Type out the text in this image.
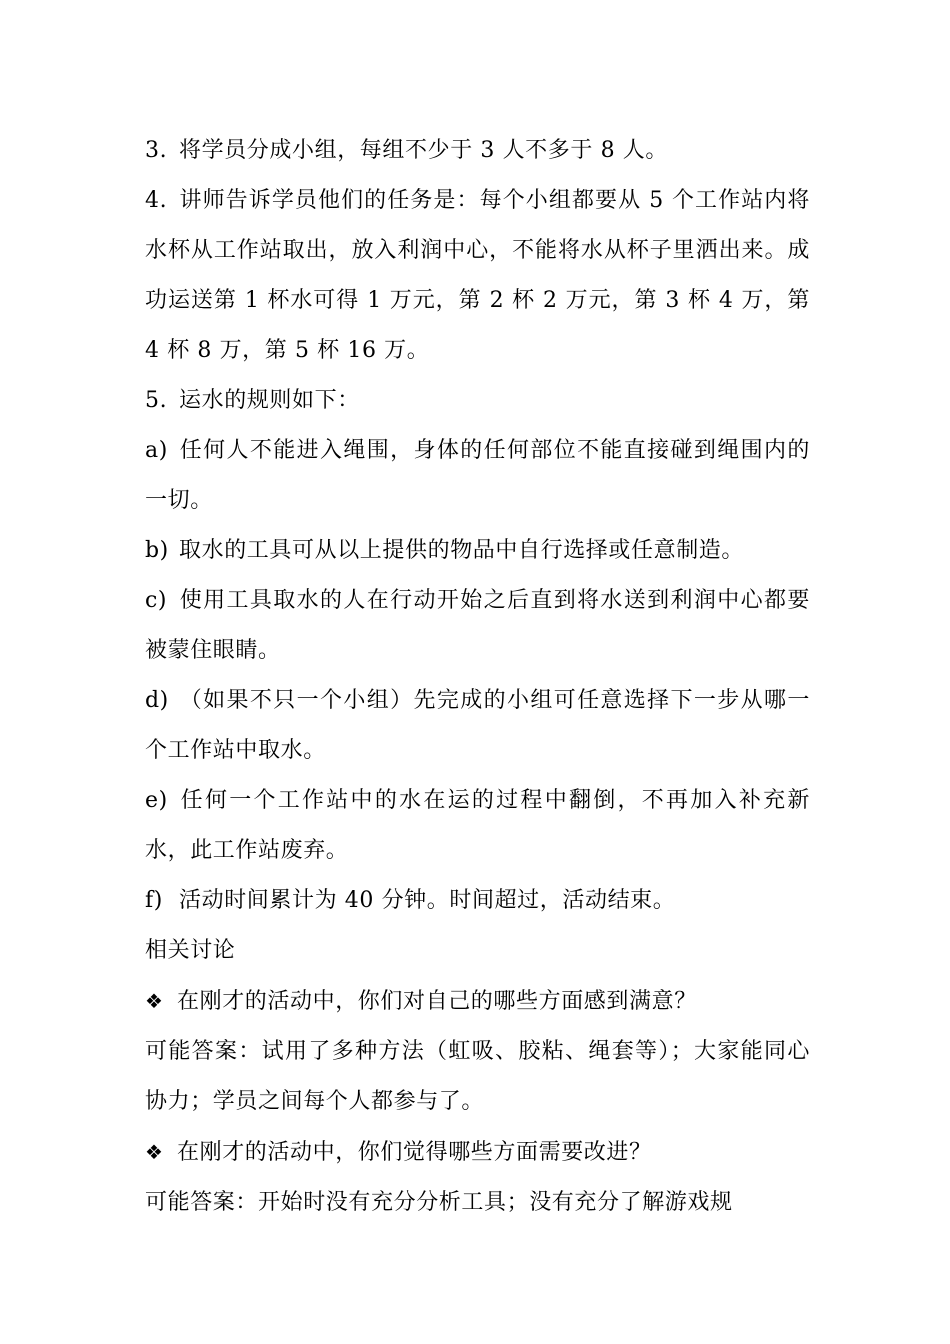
3. 将学员分成小组，每组不少于 3 人不多于 8 人。

4. 讲师告诉学员他们的任务是：每个小组都要从 5 个工作站内将水杯从工作站取出，放入利润中心，不能将水从杯子里洒出来。成功运送第 1 杯水可得 1 万元，第 2 杯 2 万元，第 3 杯 4 万，第 4 杯 8 万，第 5 杯 16 万。

5. 运水的规则如下：

a) 任何人不能进入绳围，身体的任何部位不能直接碰到绳围内的一切。

b) 取水的工具可从以上提供的物品中自行选择或任意制造。

c) 使用工具取水的人在行动开始之后直到将水送到利润中心都要被蒙住眼睛。

d) （如果不只一个小组）先完成的小组可任意选择下一步从哪一个工作站中取水。

e) 任何一个工作站中的水在运的过程中翻倒，不再加入补充新水，此工作站废弃。

f) 活动时间累计为 40 分钟。时间超过，活动结束。

相关讨论

❖ 在刚才的活动中，你们对自己的哪些方面感到满意？

可能答案：试用了多种方法（虹吸、胶粘、绳套等）；大家能同心协力；学员之间每个人都参与了。

❖ 在刚才的活动中，你们觉得哪些方面需要改进？

可能答案：开始时没有充分分析工具；没有充分了解游戏规
